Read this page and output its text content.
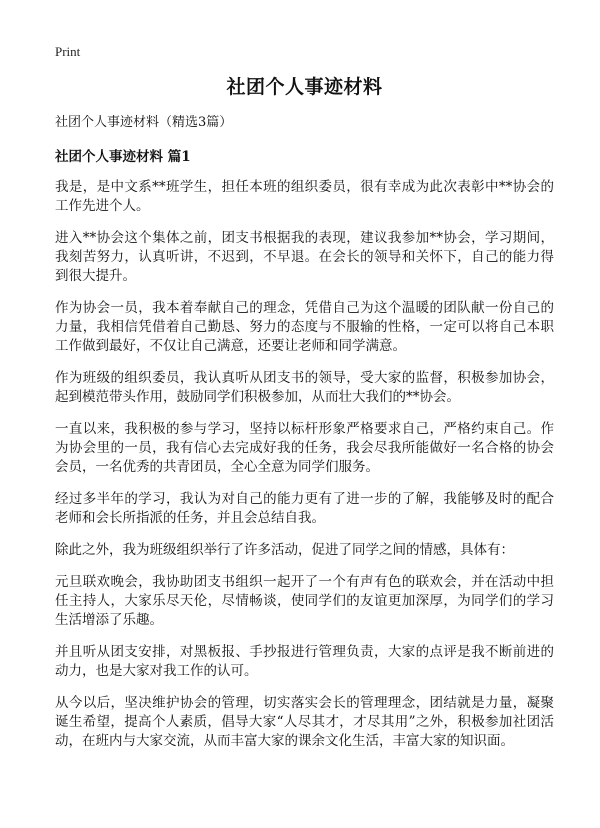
Print
社团个人事迹材料

社团个人事迹材料（精选3篇）

社团个人事迹材料 篇1

我是，是中文系**班学生，担任本班的组织委员，很有幸成为此次表彰中**协会的工作先进个人。

进入**协会这个集体之前，团支书根据我的表现，建议我参加**协会，学习期间，我刻苦努力，认真听讲，不迟到，不早退。在会长的领导和关怀下，自己的能力得到很大提升。

作为协会一员，我本着奉献自己的理念，凭借自己为这个温暖的团队献一份自己的力量，我相信凭借着自己勤恳、努力的态度与不服输的性格，一定可以将自己本职工作做到最好，不仅让自己满意，还要让老师和同学满意。

作为班级的组织委员，我认真听从团支书的领导，受大家的监督，积极参加协会，起到模范带头作用，鼓励同学们积极参加，从而壮大我们的**协会。

一直以来，我积极的参与学习，坚持以标杆形象严格要求自己，严格约束自己。作为协会里的一员，我有信心去完成好我的任务，我会尽我所能做好一名合格的协会会员，一名优秀的共青团员，全心全意为同学们服务。

经过多半年的学习，我认为对自己的能力更有了进一步的了解，我能够及时的配合老师和会长所指派的任务，并且会总结自我。

除此之外，我为班级组织举行了许多活动，促进了同学之间的情感，具体有：

元旦联欢晚会，我协助团支书组织一起开了一个有声有色的联欢会，并在活动中担任主持人，大家乐尽天伦，尽情畅谈，使同学们的友谊更加深厚，为同学们的学习生活增添了乐趣。

并且听从团支安排，对黑板报、手抄报进行管理负责，大家的点评是我不断前进的动力，也是大家对我工作的认可。

从今以后，坚决维护协会的管理，切实落实会长的管理理念，团结就是力量，凝聚诞生希望，提高个人素质，倡导大家“人尽其才，才尽其用”之外，积极参加社团活动，在班内与大家交流，从而丰富大家的课余文化生活，丰富大家的知识面。
